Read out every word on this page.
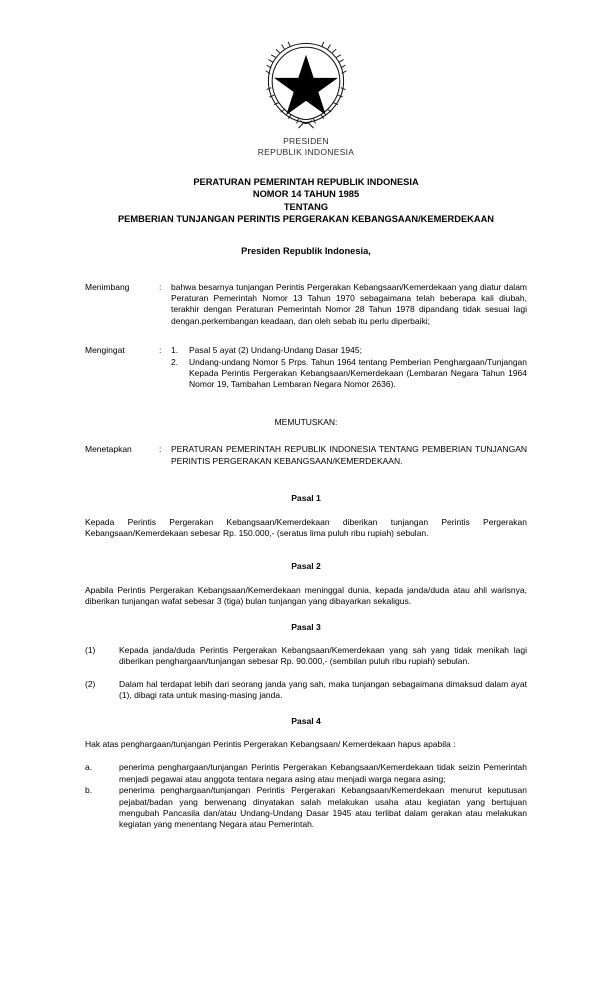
PRESIDEN
REPUBLIK INDONESIA
PERATURAN PEMERINTAH REPUBLIK INDONESIA
NOMOR 14 TAHUN 1985
TENTANG
PEMBERIAN TUNJANGAN PERINTIS PERGERAKAN KEBANGSAAN/KEMERDEKAAN
Presiden Republik Indonesia,
Menimbang	:	bahwa besarnya tunjangan Perintis Pergerakan Kebangsaan/Kemerdekaan yang diatur dalam Peraturan Pemerintah Nomor 13 Tahun 1970 sebagaimana telah beberapa kali diubah, terakhir dengan Peraturan Pemerintah Nomor 28 Tahun 1978 dipandang tidak sesuai lagi dengan.perkembangan keadaan, dan oleh sebab itu perlu diperbaiki;
Mengingat	:	1.	Pasal 5 ayat (2) Undang-Undang Dasar 1945;
2.	Undang-undang Nomor 5 Prps. Tahun 1964 tentang Pemberian Penghargaan/Tunjangan Kepada Perintis Pergerakan Kebangsaan/Kemerdekaan (Lembaran Negara Tahun 1964 Nomor 19, Tambahan Lembaran Negara Nomor 2636).
MEMUTUSKAN:
Menetapkan	:	PERATURAN PEMERINTAH REPUBLIK INDONESIA TENTANG PEMBERIAN TUNJANGAN PERINTIS PERGERAKAN KEBANGSAAN/KEMERDEKAAN.
Pasal 1
Kepada Perintis Pergerakan Kebangsaan/Kemerdekaan diberikan tunjangan Perintis Pergerakan Kebangsaan/Kemerdekaan sebesar Rp. 150.000,- (seratus lima puluh ribu rupiah) sebulan.
Pasal 2
Apabila Perintis Pergerakan Kebangsaan/Kemerdekaan meninggal dunia, kepada janda/duda atau ahli warisnya, diberikan tunjangan wafat sebesar 3 (tiga) bulan tunjangan yang dibayarkan sekaligus.
Pasal 3
(1)	Kepada janda/duda Perintis Pergerakan Kebangsaan/Kemerdekaan yang sah yang tidak menikah lagi diberikan penghargaan/tunjangan sebesar Rp. 90.000,- (sembilan puluh ribu rupiah) sebulan.
(2)	Dalam hal terdapat lebih dari seorang janda yang sah, maka tunjangan sebagaimana dimaksud dalam ayat (1), dibagi rata untuk masing-masing janda.
Pasal 4
Hak atas penghargaan/tunjangan Perintis Pergerakan Kebangsaan/ Kemerdekaan hapus apabila :
a.	penerima penghargaan/tunjangan Perintis Pergerakan Kebangsaan/Kemerdekaan tidak seizin Pemerintah menjadi pegawai atau anggota tentara negara asing atau menjadi warga negara asing;
b.	penerima penghargaan/tunjangan Perintis Pergerakan Kebangsaan/Kemerdekaan menurut keputusan pejabat/badan yang berwenang dinyatakan salah melakukan usaha atau kegiatan yang bertujuan mengubah Pancasila dan/atau Undang-Undang Dasar 1945 atau terlibat dalam gerakan atau melakukan kegiatan yang menentang Negara atau Pemerintah.
